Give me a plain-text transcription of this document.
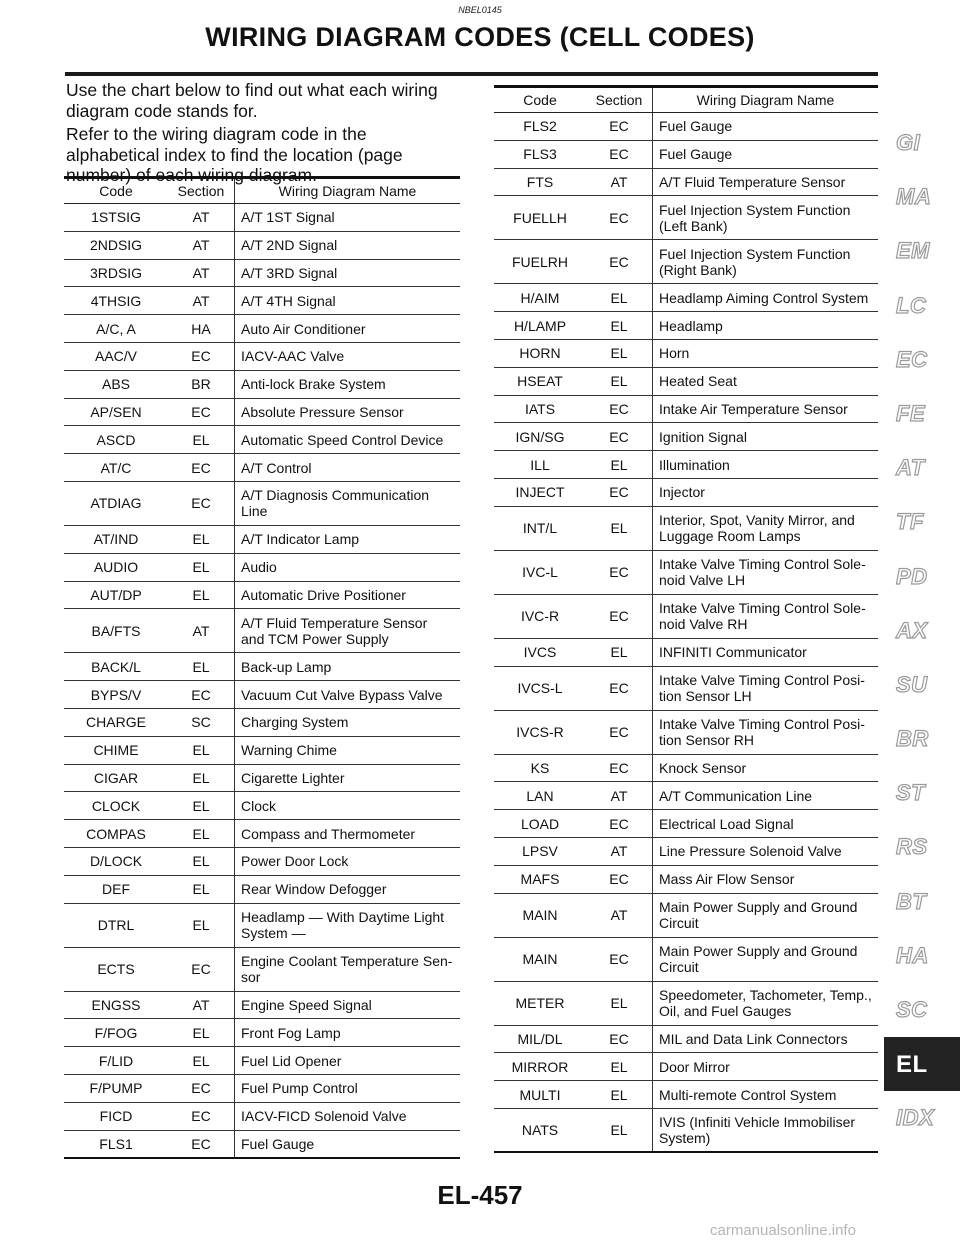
NBEL0145
WIRING DIAGRAM CODES (CELL CODES)

Use the chart below to find out what each wiring diagram code stands for.

Refer to the wiring diagram code in the alphabetical index to find the location (page number) of each wiring diagram.

Code	Section	Wiring Diagram Name
1STSIG	AT	A/T 1ST Signal
2NDSIG	AT	A/T 2ND Signal
3RDSIG	AT	A/T 3RD Signal
4THSIG	AT	A/T 4TH Signal
A/C, A	HA	Auto Air Conditioner
AAC/V	EC	IACV-AAC Valve
ABS	BR	Anti-lock Brake System
AP/SEN	EC	Absolute Pressure Sensor
ASCD	EL	Automatic Speed Control Device
AT/C	EC	A/T Control
ATDIAG	EC	A/T Diagnosis Communication
Line
AT/IND	EL	A/T Indicator Lamp
AUDIO	EL	Audio
AUT/DP	EL	Automatic Drive Positioner
BA/FTS	AT	A/T Fluid Temperature Sensor
and TCM Power Supply
BACK/L	EL	Back-up Lamp
BYPS/V	EC	Vacuum Cut Valve Bypass Valve
CHARGE	SC	Charging System
CHIME	EL	Warning Chime
CIGAR	EL	Cigarette Lighter
CLOCK	EL	Clock
COMPAS	EL	Compass and Thermometer
D/LOCK	EL	Power Door Lock
DEF	EL	Rear Window Defogger
DTRL	EL	Headlamp — With Daytime Light
System —
ECTS	EC	Engine Coolant Temperature Sen-
sor
ENGSS	AT	Engine Speed Signal
F/FOG	EL	Front Fog Lamp
F/LID	EL	Fuel Lid Opener
F/PUMP	EC	Fuel Pump Control
FICD	EC	IACV-FICD Solenoid Valve
FLS1	EC	Fuel Gauge
Code	Section	Wiring Diagram Name
FLS2	EC	Fuel Gauge
FLS3	EC	Fuel Gauge
FTS	AT	A/T Fluid Temperature Sensor
FUELLH	EC	Fuel Injection System Function
(Left Bank)
FUELRH	EC	Fuel Injection System Function
(Right Bank)
H/AIM	EL	Headlamp Aiming Control System
H/LAMP	EL	Headlamp
HORN	EL	Horn
HSEAT	EL	Heated Seat
IATS	EC	Intake Air Temperature Sensor
IGN/SG	EC	Ignition Signal
ILL	EL	Illumination
INJECT	EC	Injector
INT/L	EL	Interior, Spot, Vanity Mirror, and
Luggage Room Lamps
IVC-L	EC	Intake Valve Timing Control Sole-
noid Valve LH
IVC-R	EC	Intake Valve Timing Control Sole-
noid Valve RH
IVCS	EL	INFINITI Communicator
IVCS-L	EC	Intake Valve Timing Control Posi-
tion Sensor LH
IVCS-R	EC	Intake Valve Timing Control Posi-
tion Sensor RH
KS	EC	Knock Sensor
LAN	AT	A/T Communication Line
LOAD	EC	Electrical Load Signal
LPSV	AT	Line Pressure Solenoid Valve
MAFS	EC	Mass Air Flow Sensor
MAIN	AT	Main Power Supply and Ground
Circuit
MAIN	EC	Main Power Supply and Ground
Circuit
METER	EL	Speedometer, Tachometer, Temp.,
Oil, and Fuel Gauges
MIL/DL	EC	MIL and Data Link Connectors
MIRROR	EL	Door Mirror
MULTI	EL	Multi-remote Control System
NATS	EL	IVIS (Infiniti Vehicle Immobiliser
System)
GI
MA
EM
LC
EC
FE
AT
TF
PD
AX
SU
BR
ST
RS
BT
HA
SC
EL
IDX
EL-457
carmanualsonline.info
